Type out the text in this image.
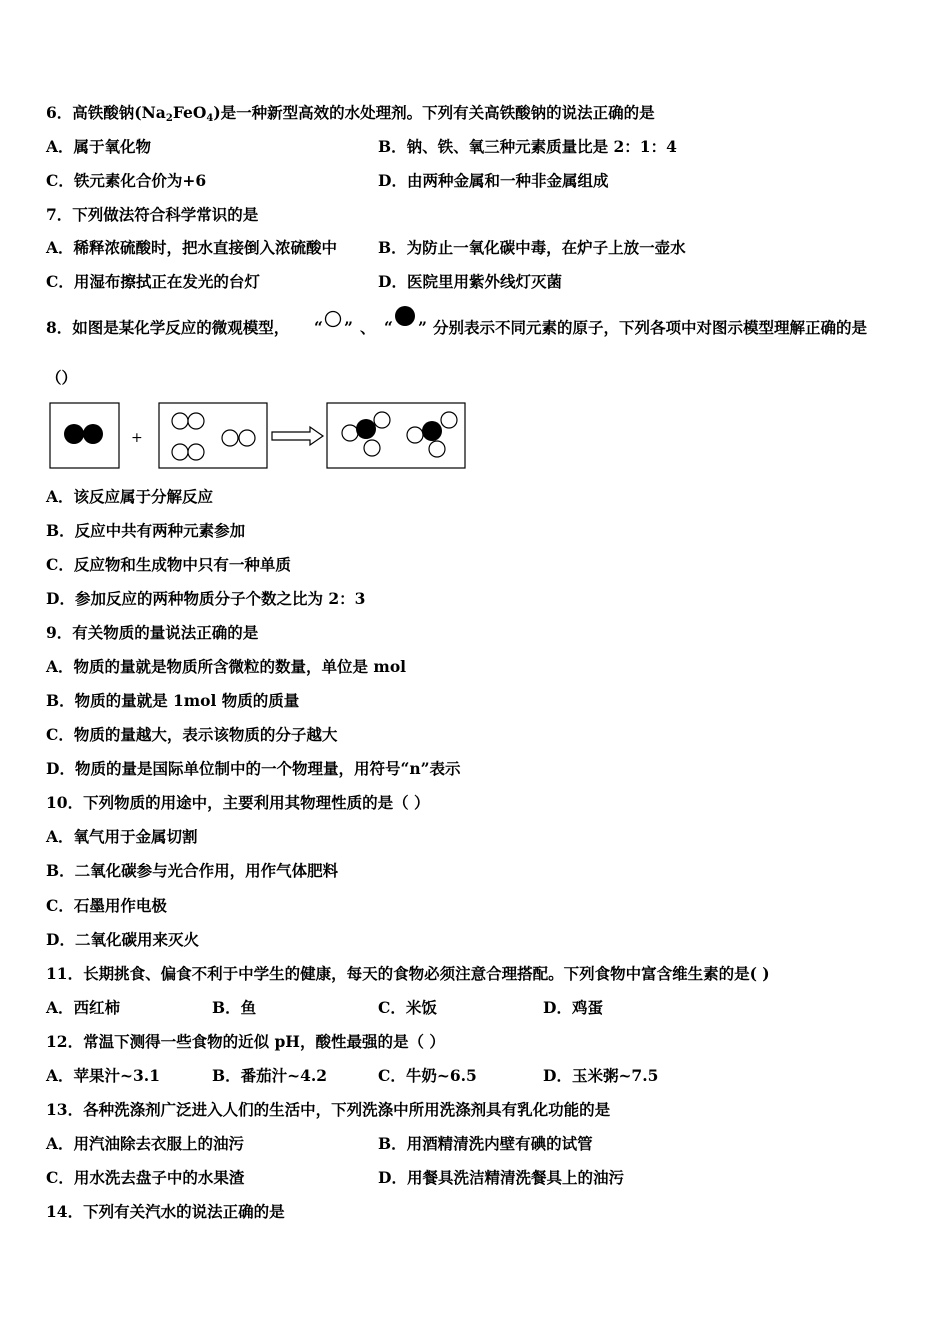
6．高铁酸钠$(Na_2FeO_4)$是一种新型高效的水处理剂。下列有关高铁酸钠的说法正确的是
A．属于氧化物	B．钠、铁、氧三种元素质量比是 2：1：4
C．铁元素化合价为+6	D．由两种金属和一种非金属组成
7．下列做法符合科学常识的是
A．稀释浓硫酸时，把水直接倒入浓硫酸中	B．为防止一氧化碳中毒，在炉子上放一壶水
C．用湿布擦拭正在发光的台灯	D．医院里用紫外线灯灭菌
8．如图是某化学反应的微观模型， “ ” 、 “ ” 分别表示不同元素的原子，下列各项中对图示模型理解正确的是
（）
+
A．该反应属于分解反应
B．反应中共有两种元素参加
C．反应物和生成物中只有一种单质
D．参加反应的两种物质分子个数之比为 2：3
9．有关物质的量说法正确的是
A．物质的量就是物质所含微粒的数量，单位是 mol
B．物质的量就是 1mol 物质的质量
C．物质的量越大，表示该物质的分子越大
D．物质的量是国际单位制中的一个物理量，用符号“n”表示
10．下列物质的用途中，主要利用其物理性质的是（ ）
A．氧气用于金属切割
B．二氧化碳参与光合作用，用作气体肥料
C．石墨用作电极
D．二氧化碳用来灭火
11．长期挑食、偏食不利于中学生的健康，每天的食物必须注意合理搭配。下列食物中富含维生素的是( )
A．西红柿	B．鱼	C．米饭	D．鸡蛋
12．常温下测得一些食物的近似 pH，酸性最强的是（ ）
A．苹果汁~3.1	B．番茄汁~4.2	C．牛奶~6.5	D．玉米粥~7.5
13．各种洗涤剂广泛进入人们的生活中，下列洗涤中所用洗涤剂具有乳化功能的是
A．用汽油除去衣服上的油污	B．用酒精清洗内壁有碘的试管
C．用水洗去盘子中的水果渣	D．用餐具洗洁精清洗餐具上的油污
14．下列有关汽水的说法正确的是
